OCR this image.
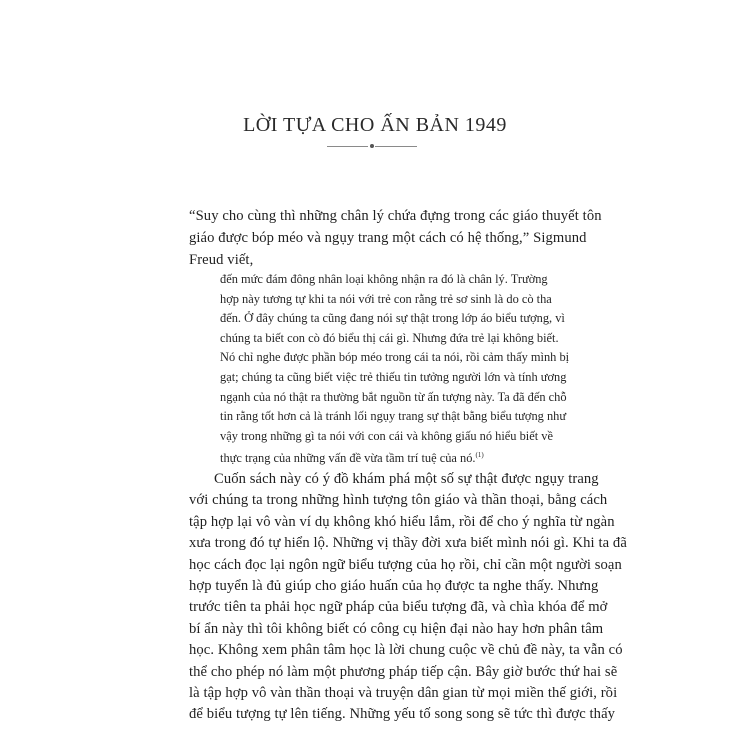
LỜI TỰA CHO ẤN BẢN 1949
“Suy cho cùng thì những chân lý chứa đựng trong các giáo thuyết tôn
giáo được bóp méo và ngụy trang một cách có hệ thống,” Sigmund
Freud viết,
đến mức đám đông nhân loại không nhận ra đó là chân lý. Trường
hợp này tương tự khi ta nói với trẻ con rằng trẻ sơ sinh là do cò tha
đến. Ở đây chúng ta cũng đang nói sự thật trong lớp áo biểu tượng, vì
chúng ta biết con cò đó biểu thị cái gì. Nhưng đứa trẻ lại không biết.
Nó chỉ nghe được phần bóp méo trong cái ta nói, rồi cảm thấy mình bị
gạt; chúng ta cũng biết việc trẻ thiếu tin tưởng người lớn và tính ương
ngạnh của nó thật ra thường bắt nguồn từ ấn tượng này. Ta đã đến chỗ
tin rằng tốt hơn cả là tránh lối ngụy trang sự thật bằng biểu tượng như
vậy trong những gì ta nói với con cái và không giấu nó hiểu biết về
thực trạng của những vấn đề vừa tầm trí tuệ của nó.$^{(1)}$
Cuốn sách này có ý đồ khám phá một số sự thật được ngụy trang
với chúng ta trong những hình tượng tôn giáo và thần thoại, bằng cách
tập hợp lại vô vàn ví dụ không khó hiểu lắm, rồi để cho ý nghĩa từ ngàn
xưa trong đó tự hiển lộ. Những vị thầy đời xưa biết mình nói gì. Khi ta đã
học cách đọc lại ngôn ngữ biểu tượng của họ rồi, chỉ cần một người soạn
hợp tuyển là đủ giúp cho giáo huấn của họ được ta nghe thấy. Nhưng
trước tiên ta phải học ngữ pháp của biểu tượng đã, và chìa khóa để mở
bí ẩn này thì tôi không biết có công cụ hiện đại nào hay hơn phân tâm
học. Không xem phân tâm học là lời chung cuộc về chủ đề này, ta vẫn có
thể cho phép nó làm một phương pháp tiếp cận. Bây giờ bước thứ hai sẽ
là tập hợp vô vàn thần thoại và truyện dân gian từ mọi miền thế giới, rồi
để biểu tượng tự lên tiếng. Những yếu tố song song sẽ tức thì được thấy
